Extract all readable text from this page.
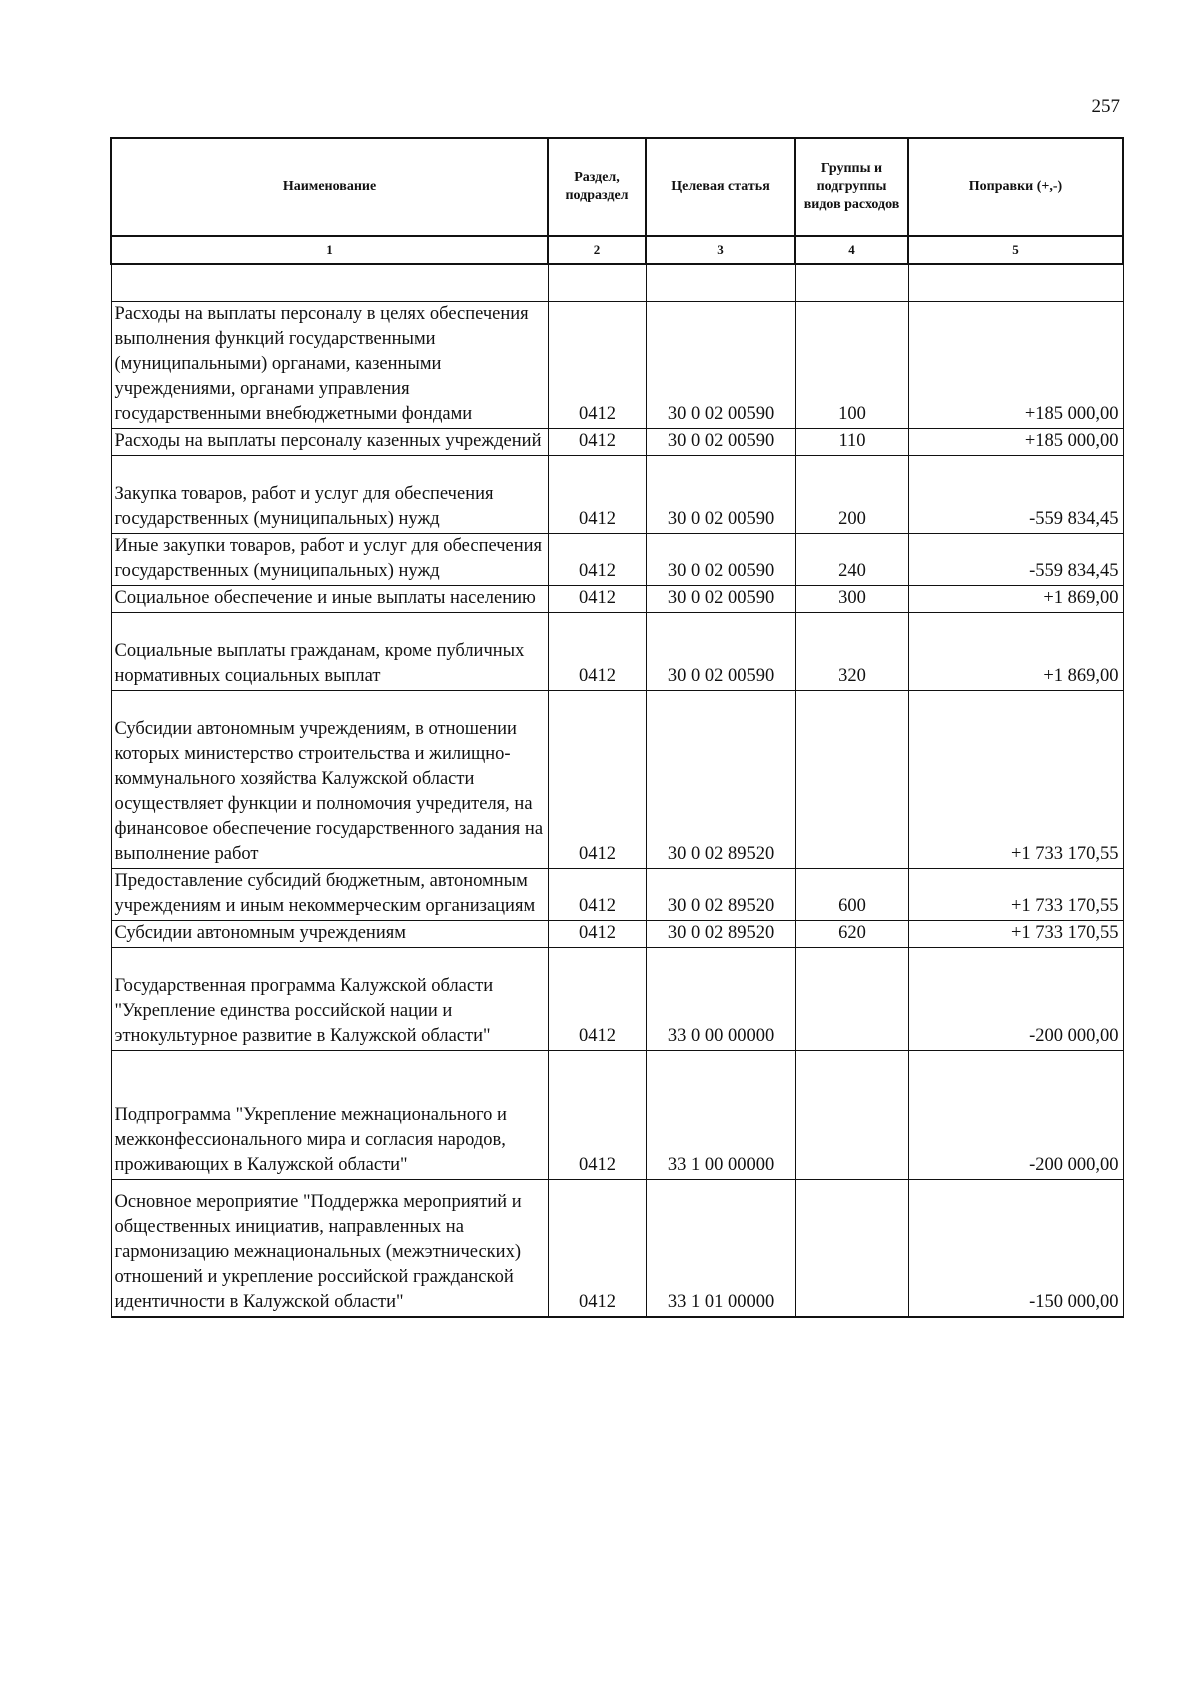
257
Наименование	Раздел, подраздел	Целевая статья	Группы и подгруппы видов расходов	Поправки (+,-)
1	2	3	4	5

Расходы на выплаты персоналу в целях обеспечения выполнения функций государственными (муниципальными) органами, казенными учреждениями, органами управления государственными внебюджетными фондами	0412	30 0 02 00590	100	+185 000,00
Расходы на выплаты персоналу казенных учреждений	0412	30 0 02 00590	110	+185 000,00
Закупка товаров, работ и услуг для обеспечения государственных (муниципальных) нужд	0412	30 0 02 00590	200	-559 834,45
Иные закупки товаров, работ и услуг для обеспечения государственных (муниципальных) нужд	0412	30 0 02 00590	240	-559 834,45
Социальное обеспечение и иные выплаты населению	0412	30 0 02 00590	300	+1 869,00
Социальные выплаты гражданам, кроме публичных нормативных социальных выплат	0412	30 0 02 00590	320	+1 869,00
Субсидии автономным учреждениям, в отношении которых министерство строительства и жилищно-коммунального хозяйства Калужской области осуществляет функции и полномочия учредителя, на финансовое обеспечение государственного задания на выполнение работ	0412	30 0 02 89520		+1 733 170,55
Предоставление субсидий бюджетным, автономным учреждениям и иным некоммерческим организациям	0412	30 0 02 89520	600	+1 733 170,55
Субсидии автономным учреждениям	0412	30 0 02 89520	620	+1 733 170,55
Государственная программа Калужской области "Укрепление единства российской нации и этнокультурное развитие в Калужской области"	0412	33 0 00 00000		-200 000,00
Подпрограмма "Укрепление межнационального и межконфессионального мира и согласия народов, проживающих в Калужской области"	0412	33 1 00 00000		-200 000,00
Основное мероприятие "Поддержка мероприятий и общественных инициатив, направленных на гармонизацию межнациональных (межэтнических) отношений и укрепление российской гражданской идентичности в Калужской области"	0412	33 1 01 00000		-150 000,00
